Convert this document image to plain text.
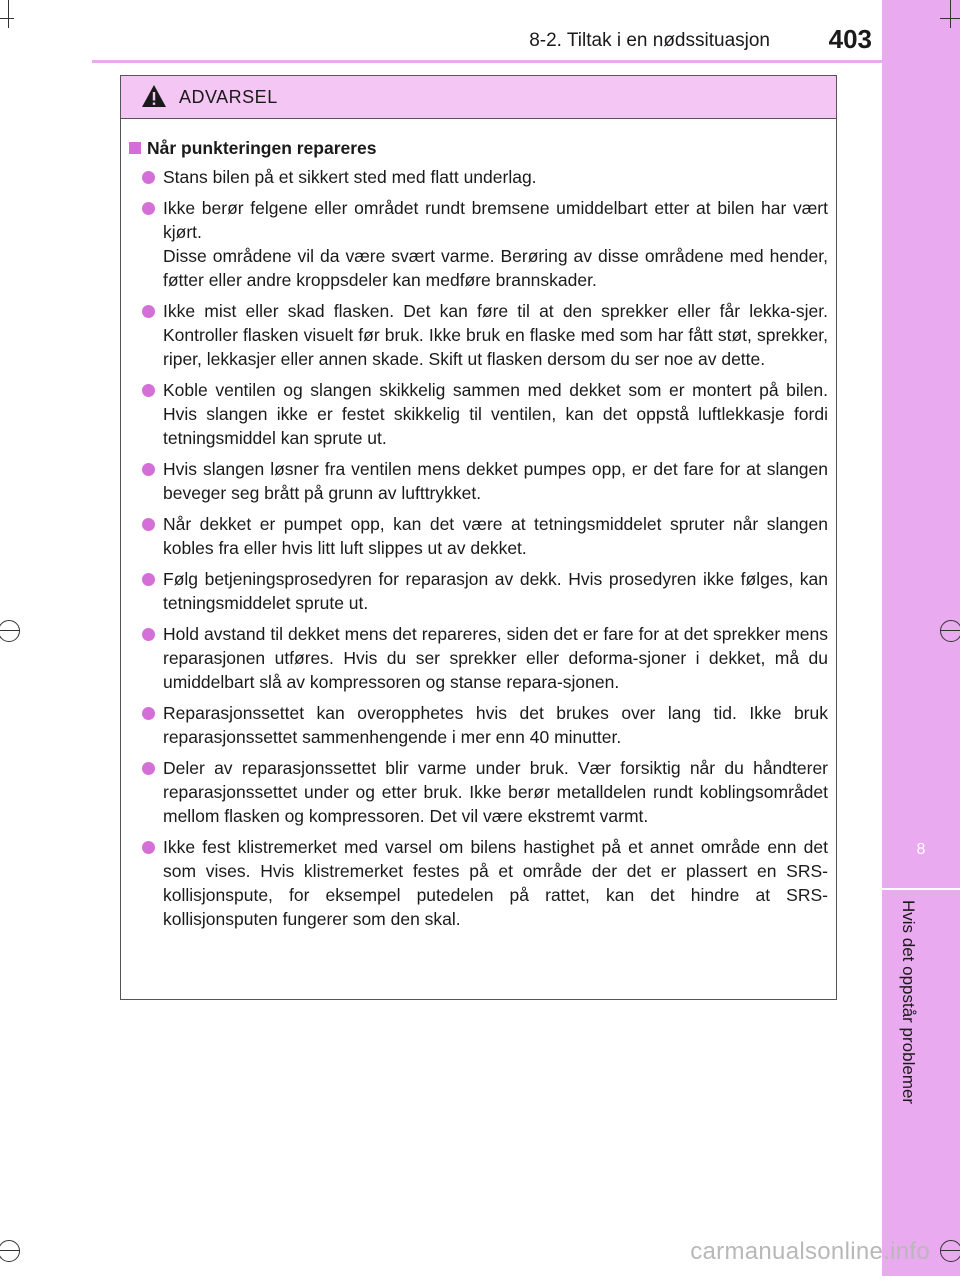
8
Hvis det oppstår problemer
8-2. Tiltak i en nødssituasjon	403
ADVARSEL
Når punkteringen repareres

Stans bilen på et sikkert sted med flatt underlag.

Ikke berør felgene eller området rundt bremsene umiddelbart etter at bilen har vært kjørt.

Disse områdene vil da være svært varme. Berøring av disse områdene med hender, føtter eller andre kroppsdeler kan medføre brannskader.

Ikke mist eller skad flasken. Det kan føre til at den sprekker eller får lekka-sjer. Kontroller flasken visuelt før bruk. Ikke bruk en flaske med som har fått støt, sprekker, riper, lekkasjer eller annen skade. Skift ut flasken dersom du ser noe av dette.

Koble ventilen og slangen skikkelig sammen med dekket som er montert på bilen. Hvis slangen ikke er festet skikkelig til ventilen, kan det oppstå luftlekkasje fordi tetningsmiddel kan sprute ut.

Hvis slangen løsner fra ventilen mens dekket pumpes opp, er det fare for at slangen beveger seg brått på grunn av lufttrykket.

Når dekket er pumpet opp, kan det være at tetningsmiddelet spruter når slangen kobles fra eller hvis litt luft slippes ut av dekket.

Følg betjeningsprosedyren for reparasjon av dekk. Hvis prosedyren ikke følges, kan tetningsmiddelet sprute ut.

Hold avstand til dekket mens det repareres, siden det er fare for at det sprekker mens reparasjonen utføres. Hvis du ser sprekker eller deforma-sjoner i dekket, må du umiddelbart slå av kompressoren og stanse repara-sjonen.

Reparasjonssettet kan overopphetes hvis det brukes over lang tid. Ikke bruk reparasjonssettet sammenhengende i mer enn 40 minutter.

Deler av reparasjonssettet blir varme under bruk. Vær forsiktig når du håndterer reparasjonssettet under og etter bruk. Ikke berør metalldelen rundt koblingsområdet mellom flasken og kompressoren. Det vil være ekstremt varmt.

Ikke fest klistremerket med varsel om bilens hastighet på et annet område enn det som vises. Hvis klistremerket festes på et område der det er plassert en SRS-kollisjonspute, for eksempel putedelen på rattet, kan det hindre at SRS-kollisjonsputen fungerer som den skal.

carmanualsonline.info
